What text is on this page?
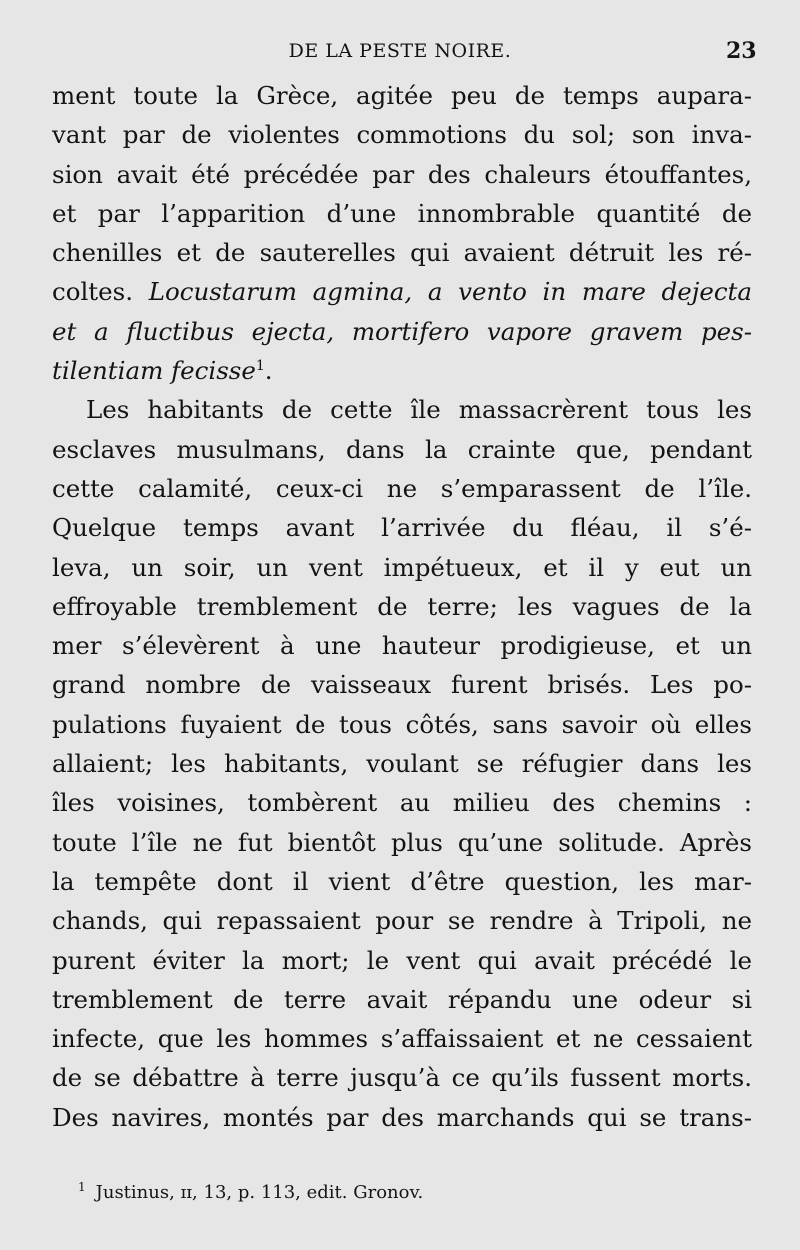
DE LA PESTE NOIRE.	23
ment toute la Grèce, agitée peu de temps aupara-
vant par de violentes commotions du sol; son inva-
sion avait été précédée par des chaleurs étouffantes,
et par l’apparition d’une innombrable quantité de
chenilles et de sauterelles qui avaient détruit les ré-
coltes. Locustarum agmina, a vento in mare dejecta
et a fluctibus ejecta, mortifero vapore gravem pes-
tilentiam fecisse$^1$.
Les habitants de cette île massacrèrent tous les
esclaves musulmans, dans la crainte que, pendant
cette calamité, ceux-ci ne s’emparassent de l’île.
Quelque temps avant l’arrivée du fléau, il s’é-
leva, un soir, un vent impétueux, et il y eut un
effroyable tremblement de terre; les vagues de la
mer s’élevèrent à une hauteur prodigieuse, et un
grand nombre de vaisseaux furent brisés. Les po-
pulations fuyaient de tous côtés, sans savoir où elles
allaient; les habitants, voulant se réfugier dans les
îles voisines, tombèrent au milieu des chemins :
toute l’île ne fut bientôt plus qu’une solitude. Après
la tempête dont il vient d’être question, les mar-
chands, qui repassaient pour se rendre à Tripoli, ne
purent éviter la mort; le vent qui avait précédé le
tremblement de terre avait répandu une odeur si
infecte, que les hommes s’affaissaient et ne cessaient
de se débattre à terre jusqu’à ce qu’ils fussent morts.
Des navires, montés par des marchands qui se trans-
$^1$ Justinus, ɪɪ, 13, p. 113, edit. Gronov.
